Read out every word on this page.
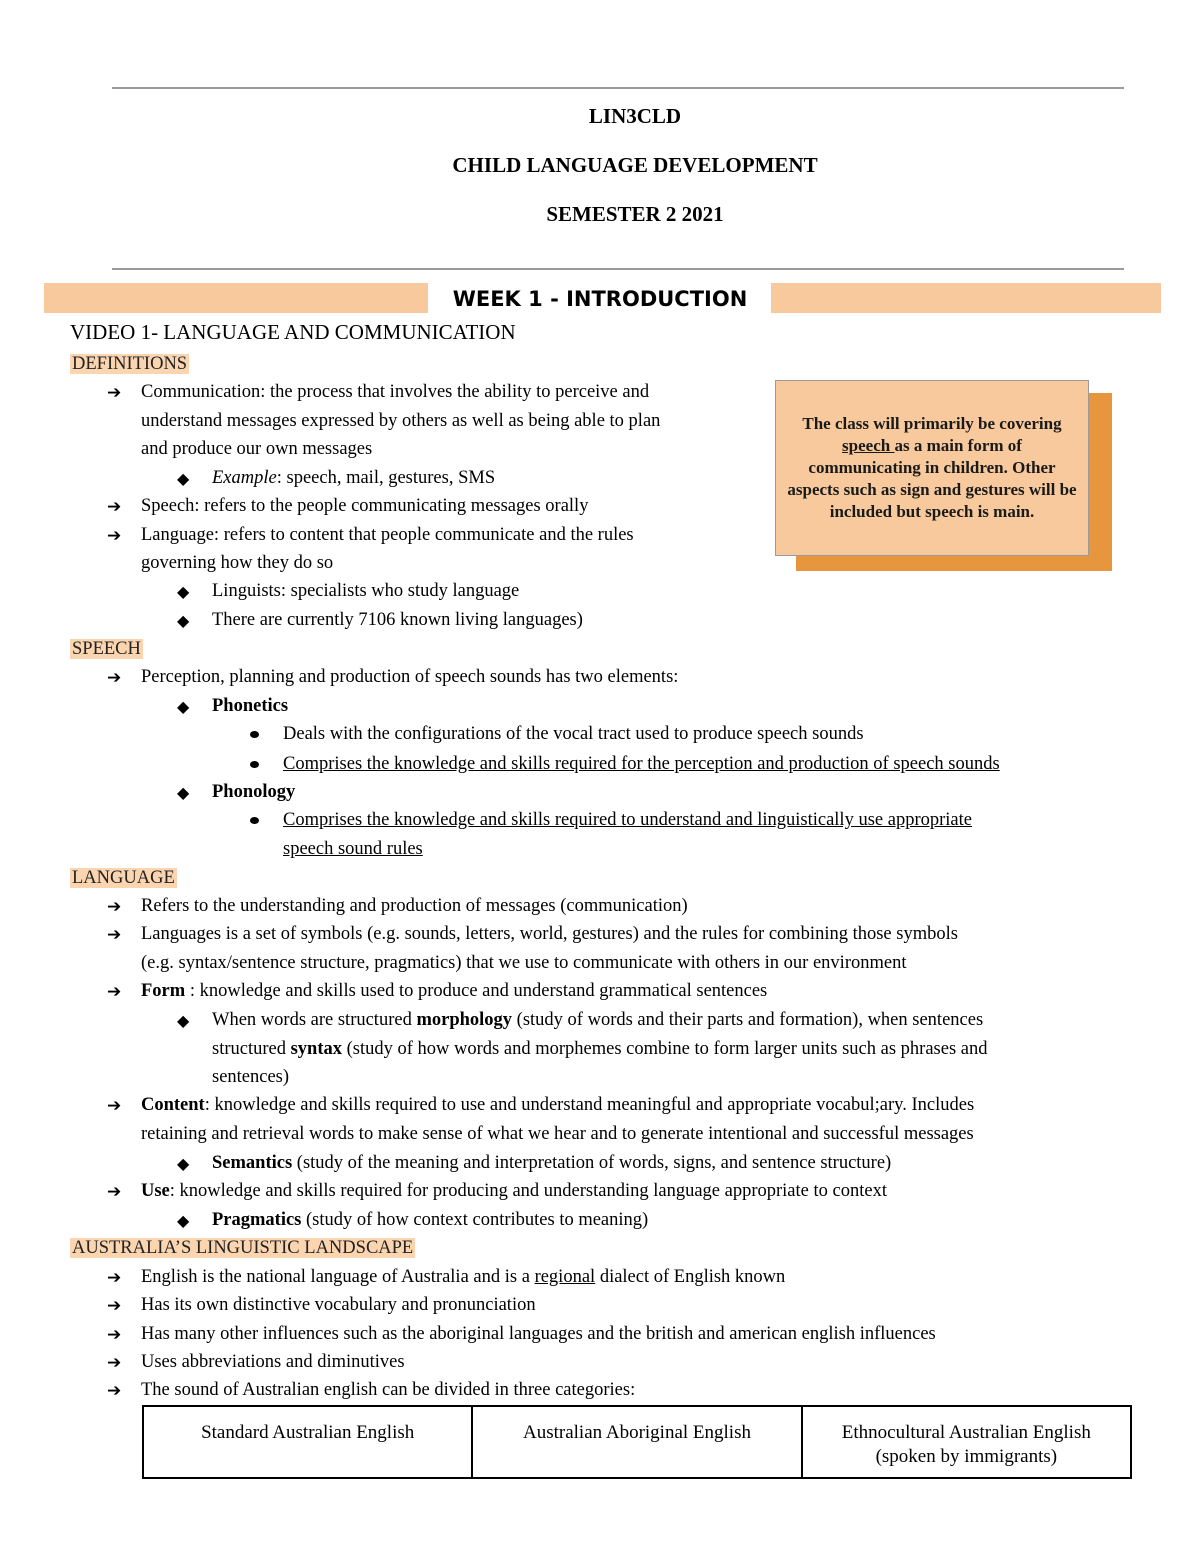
LIN3CLD
CHILD LANGUAGE DEVELOPMENT
SEMESTER 2 2021
WEEK 1 - INTRODUCTION
VIDEO 1- LANGUAGE AND COMMUNICATION
The class will primarily be covering speech as a main form of communicating in children. Other aspects such as sign and gestures will be included but speech is main.
DEFINITIONS
➔ Communication: the process that involves the ability to perceive and
understand messages expressed by others as well as being able to plan
and produce our own messages
◆ Example: speech, mail, gestures, SMS
➔ Speech: refers to the people communicating messages orally
➔ Language: refers to content that people communicate and the rules
governing how they do so
◆ Linguists: specialists who study language
◆ There are currently 7106 known living languages)
SPEECH
➔ Perception, planning and production of speech sounds has two elements:
◆ Phonetics
Deals with the configurations of the vocal tract used to produce speech sounds
Comprises the knowledge and skills required for the perception and production of speech sounds
◆ Phonology
Comprises the knowledge and skills required to understand and linguistically use appropriate
speech sound rules
LANGUAGE
➔ Refers to the understanding and production of messages (communication)
➔ Languages is a set of symbols (e.g. sounds, letters, world, gestures) and the rules for combining those symbols
(e.g. syntax/sentence structure, pragmatics) that we use to communicate with others in our environment
➔ Form : knowledge and skills used to produce and understand grammatical sentences
◆ When words are structured morphology (study of words and their parts and formation), when sentences
structured syntax (study of how words and morphemes combine to form larger units such as phrases and
sentences)
➔ Content: knowledge and skills required to use and understand meaningful and appropriate vocabul;ary. Includes
retaining and retrieval words to make sense of what we hear and to generate intentional and successful messages
◆ Semantics (study of the meaning and interpretation of words, signs, and sentence structure)
➔ Use: knowledge and skills required for producing and understanding language appropriate to context
◆ Pragmatics (study of how context contributes to meaning)
AUSTRALIA’S LINGUISTIC LANDSCAPE
➔ English is the national language of Australia and is a regional dialect of English known
➔ Has its own distinctive vocabulary and pronunciation
➔ Has many other influences such as the aboriginal languages and the british and american english influences
➔ Uses abbreviations and diminutives
➔ The sound of Australian english can be divided in three categories:
Standard Australian English	Australian Aboriginal English	Ethnocultural Australian English
(spoken by immigrants)
